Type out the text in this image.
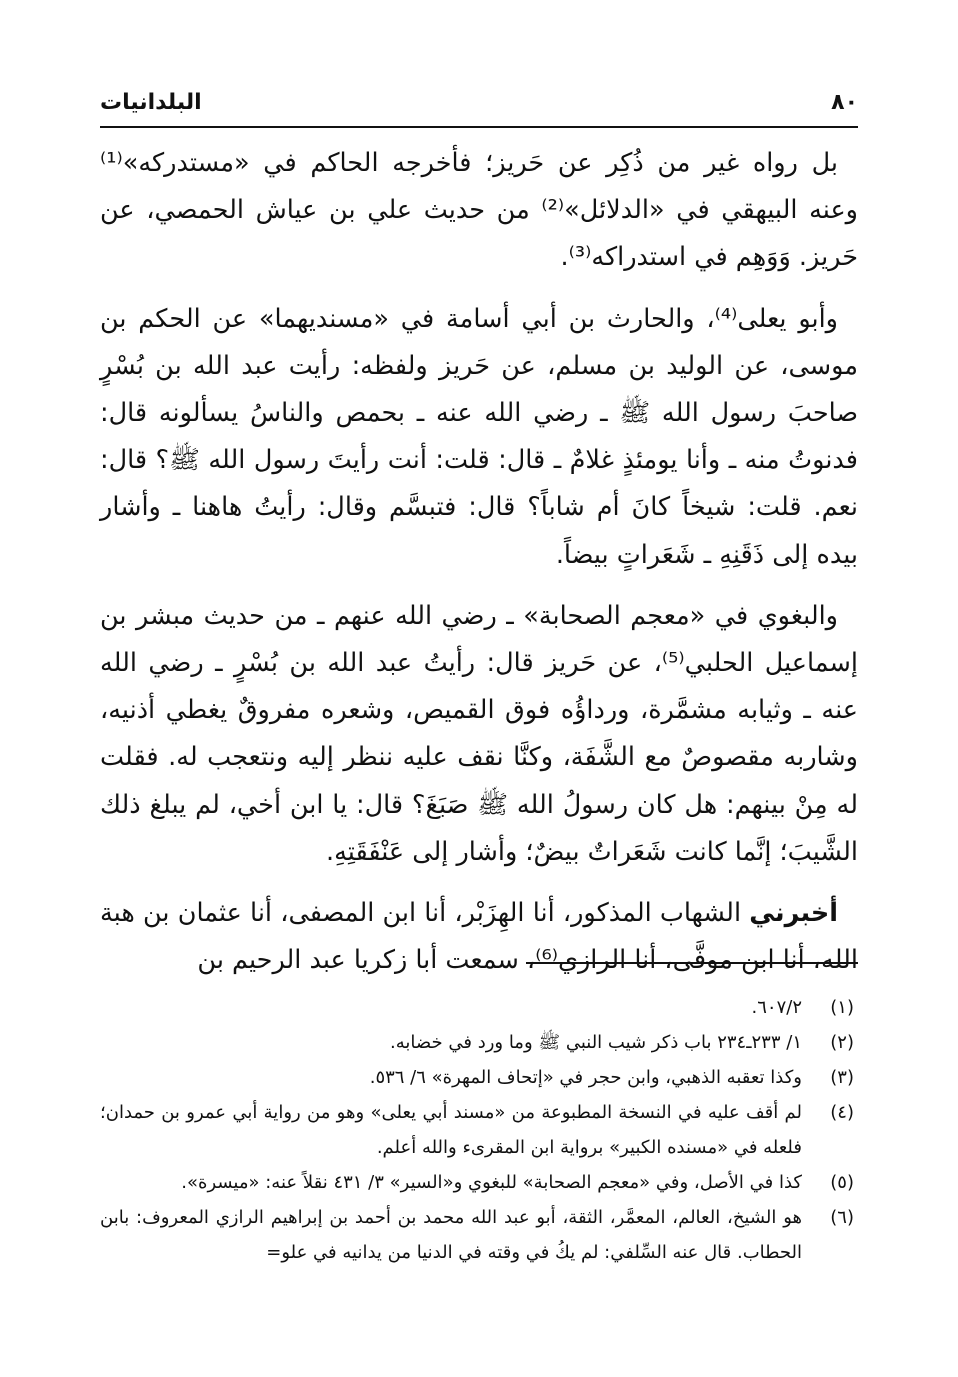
٨٠
البلدانيات

بل رواه غير من ذُكِر عن حَريز؛ فأخرجه الحاكم في «مستدركه»⁽¹⁾ وعنه البيهقي في «الدلائل»⁽²⁾ من حديث علي بن عياش الحمصي، عن حَريز. وَوَهِم في استدراكه⁽³⁾.

وأبو يعلى⁽⁴⁾، والحارث بن أبي أسامة في «مسنديهما» عن الحكم بن موسى، عن الوليد بن مسلم، عن حَريز ولفظه: رأيت عبد الله بن بُسْرٍ صاحبَ رسول الله ﷺ ـ رضي الله عنه ـ بحمص والناسُ يسألونه قال: فدنوتُ منه ـ وأنا يومئذٍ غلامٌ ـ قال: قلت: أنت رأيتَ رسول الله ﷺ؟ قال: نعم. قلت: شيخاً كانَ أم شاباً؟ قال: فتبسَّم وقال: رأيتُ هاهنا ـ وأشار بيده إلى ذَقَنِهِ ـ شَعَراتٍ بيضاً.

والبغوي في «معجم الصحابة» ـ رضي الله عنهم ـ من حديث مبشر بن إسماعيل الحلبي⁽⁵⁾، عن حَريز قال: رأيتُ عبد الله بن بُسْرٍ ـ رضي الله عنه ـ وثيابه مشمَّرة، ورداؤُه فوق القميص، وشعره مفروقٌ يغطي أذنيه، وشاربه مقصوصٌ مع الشَّفَة، وكنَّا نقف عليه ننظر إليه ونتعجب له. فقلت له مِنْ بينهم: هل كان رسولُ الله ﷺ صَبَغَ؟ قال: يا ابن أخي، لم يبلغ ذلك الشَّيبَ؛ إنَّما كانت شَعَراتٌ بيضٌ؛ وأشار إلى عَنْفَقَتِهِ.

أخبرني الشهاب المذكور، أنا الهِزَبْر، أنا ابن المصفى، أنا عثمان بن هبة الله، أنا ابن موفَّى، أنا الرازي⁽⁶⁾، سمعت أبا زكريا عبد الرحيم بن

(١)
٦٠٧/٢.
(٢)
١/ ٢٣٣ـ٢٣٤ باب ذكر شيب النبي ﷺ وما ورد في خضابه.
(٣)
وكذا تعقبه الذهبي، وابن حجر في «إتحاف المهرة» ٦/ ٥٣٦.
(٤)
لم أقف عليه في النسخة المطبوعة من «مسند أبي يعلى» وهو من رواية أبي عمرو بن حمدان؛ فلعله في «مسنده الكبير» برواية ابن المقرىء والله أعلم.
(٥)
كذا في الأصل، وفي «معجم الصحابة» للبغوي و«السير» ٣/ ٤٣١ نقلاً عنه: «ميسرة».
(٦)
هو الشيخ، العالم، المعمَّر، الثقة، أبو عبد الله محمد بن أحمد بن إبراهيم الرازي المعروف: بابن الحطاب. قال عنه السِّلفي: لم يكُ في وقته في الدنيا من يدانيه في علو=
